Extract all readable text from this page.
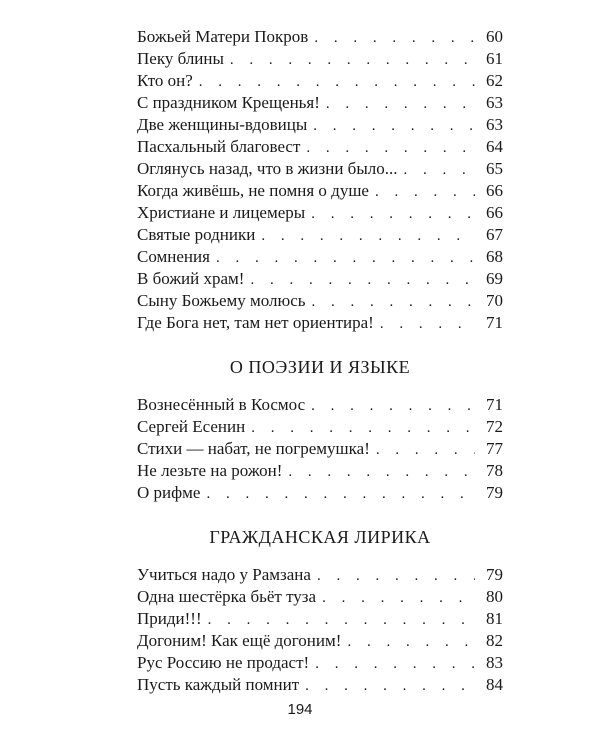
Божьей Матери Покров . . .	60
Пеку блины . . .	61
Кто он? . . .	62
С праздником Крещенья! . . .	63
Две женщины-вдовицы . . .	63
Пасхальный благовест . . .	64
Оглянусь назад, что в жизни было... . . .	65
Когда живёшь, не помня о душе . . .	66
Христиане и лицемеры . . .	66
Святые родники . . .	67
Сомнения . . .	68
В божий храм! . . .	69
Сыну Божьему молюсь . . .	70
Где Бога нет, там нет ориентира! . . .	71
О ПОЭЗИИ И ЯЗЫКЕ
Вознесённый в Космос . . .	71
Сергей Есенин . . .	72
Стихи — набат, не погремушка! . . .	77
Не лезьте на рожон! . . .	78
О рифме . . .	79
ГРАЖДАНСКАЯ ЛИРИКА
Учиться надо у Рамзана . . .	79
Одна шестёрка бьёт туза . . .	80
Приди!!! . . .	81
Догоним! Как ещё догоним! . . .	82
Рус Россию не продаст! . . .	83
Пусть каждый помнит . . .	84
194
